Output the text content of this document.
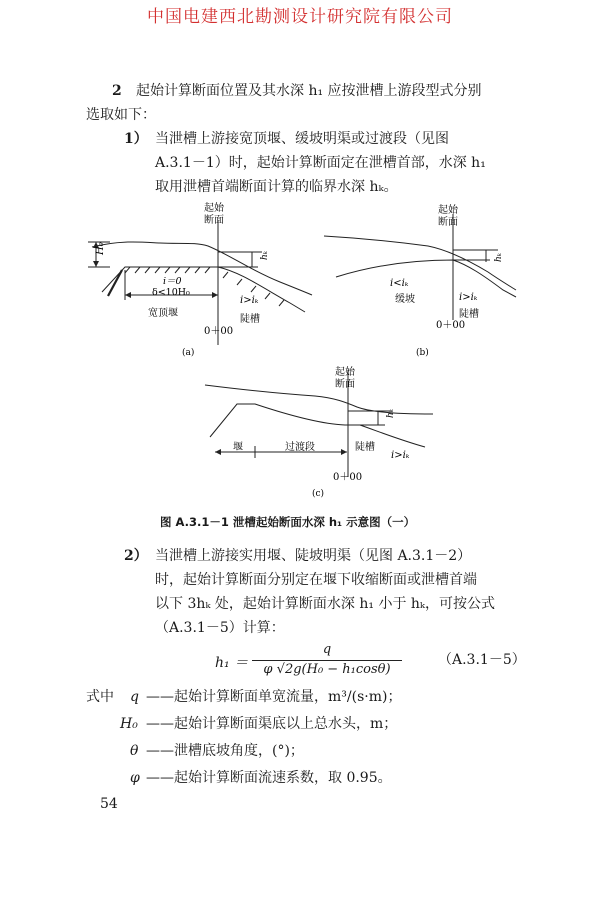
中国电建西北勘测设计研究院有限公司
2 起始计算断面位置及其水深 h₁ 应按泄槽上游段型式分别
选取如下：
1） 当泄槽上游接宽顶堰、缓坡明渠或过渡段（见图
A.3.1－1）时，起始计算断面定在泄槽首部，水深 h₁
取用泄槽首端断面计算的临界水深 hₖ。
起始
断面
H₀
hₖ
i＝0
δ<10H₀
宽顶堰
i>iₖ
陡槽
0＋00
(a)
起始
断面
hₖ
i<iₖ
缓坡	i>iₖ
陡槽
0＋00
(b)
起始
断面
hₖ
堰	过渡段	陡槽
i>iₖ
0＋00
(c)
图 A.3.1－1 泄槽起始断面水深 h₁ 示意图（一）
2） 当泄槽上游接实用堰、陡坡明渠（见图 A.3.1－2）
时，起始计算断面分别定在堰下收缩断面或泄槽首端
以下 3hₖ 处，起始计算断面水深 h₁ 小于 hₖ，可按公式
（A.3.1－5）计算：
h₁ ＝
q
φ √2g(H₀ − h₁cosθ)
（A.3.1－5）
式中 q ——起始计算断面单宽流量，m³/(s·m)；
H₀ ——起始计算断面渠底以上总水头，m；
θ ——泄槽底坡角度，(°)；
φ ——起始计算断面流速系数，取 0.95。
54
